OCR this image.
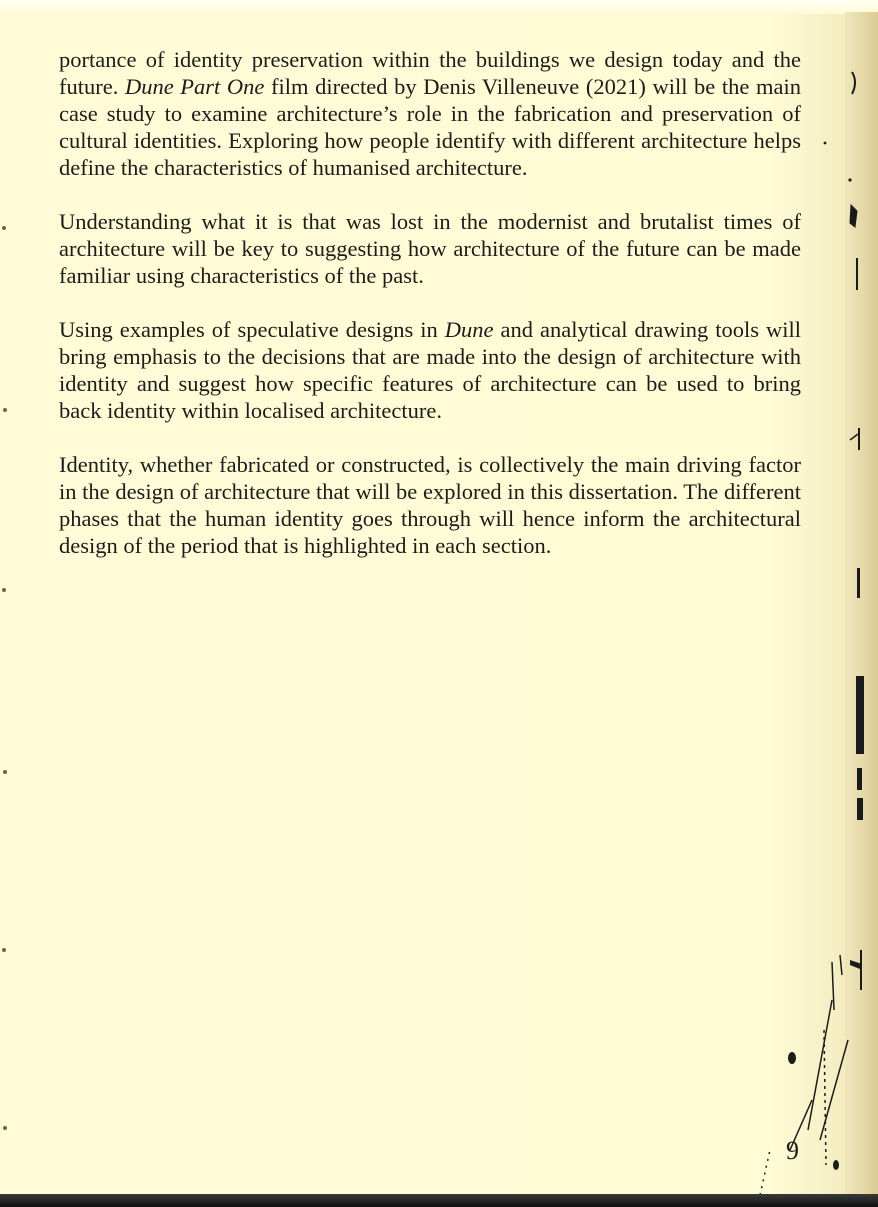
portance of identity preservation within the buildings we design today and the future. Dune Part One film directed by Denis Villeneuve (2021) will be the main case study to examine architecture’s role in the fabrication and preservation of cultural identities. Exploring how people identify with different architecture helps define the characteristics of humanised architecture.

Understanding what it is that was lost in the modernist and brutalist times of architecture will be key to suggesting how architecture of the future can be made familiar using characteristics of the past.

Using examples of speculative designs in Dune and analytical drawing tools will bring emphasis to the decisions that are made into the design of architecture with identity and suggest how specific features of architecture can be used to bring back identity within localised architecture.

Identity, whether fabricated or constructed, is collectively the main driving factor in the design of architecture that will be explored in this dissertation. The different phases that the human identity goes through will hence inform the architectural design of the period that is highlighted in each section.

9
